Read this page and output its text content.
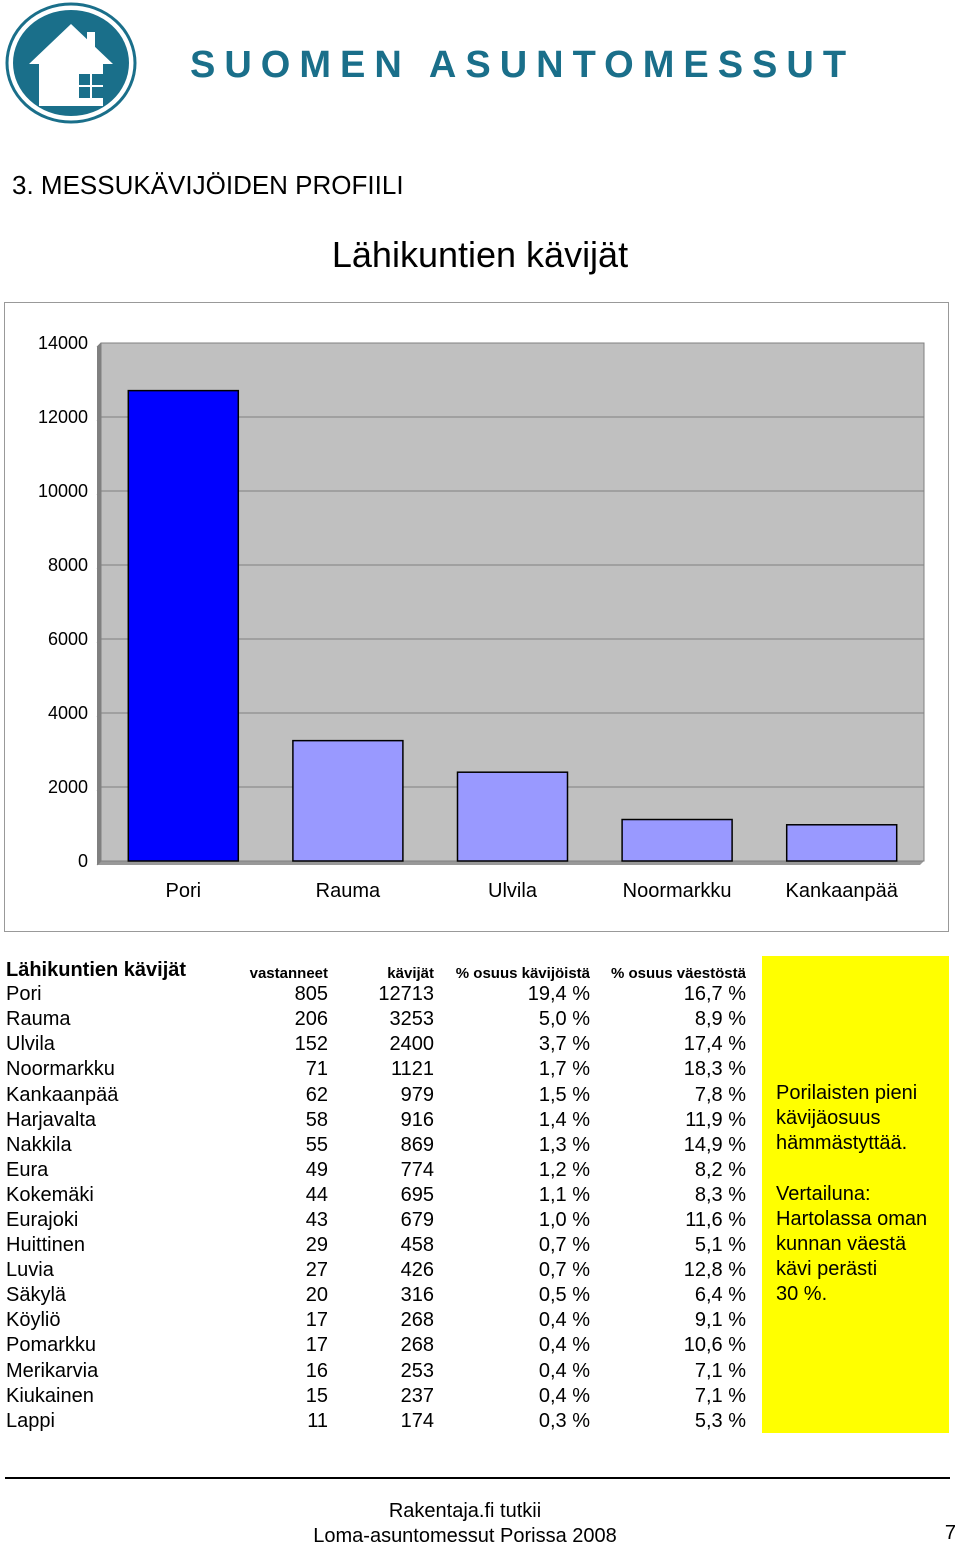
SUOMEN ASUNTOMESSUT
3. MESSUKÄVIJÖIDEN PROFIILI
Lähikuntien kävijät
0
2000
4000
6000
8000
10000
12000
14000
Pori	Rauma	Ulvila	Noormarkku	Kankaanpää
Lähikuntien kävijät	vastanneet	kävijät	% osuus kävijöistä	% osuus väestöstä
Pori	805	12713	19,4 %	16,7 %
Rauma	206	3253	5,0 %	8,9 %
Ulvila	152	2400	3,7 %	17,4 %
Noormarkku	71	1121	1,7 %	18,3 %
Kankaanpää	62	979	1,5 %	7,8 %
Harjavalta	58	916	1,4 %	11,9 %
Nakkila	55	869	1,3 %	14,9 %
Eura	49	774	1,2 %	8,2 %
Kokemäki	44	695	1,1 %	8,3 %
Eurajoki	43	679	1,0 %	11,6 %
Huittinen	29	458	0,7 %	5,1 %
Luvia	27	426	0,7 %	12,8 %
Säkylä	20	316	0,5 %	6,4 %
Köyliö	17	268	0,4 %	9,1 %
Pomarkku	17	268	0,4 %	10,6 %
Merikarvia	16	253	0,4 %	7,1 %
Kiukainen	15	237	0,4 %	7,1 %
Lappi	11	174	0,3 %	5,3 %

Porilaisten pieni
kävijäosuus
hämmästyttää.

Vertailuna:
Hartolassa oman
kunnan väestä
kävi perästi
30 %.

Rakentaja.fi tutkii
Loma-asuntomessut Porissa 2008	7
